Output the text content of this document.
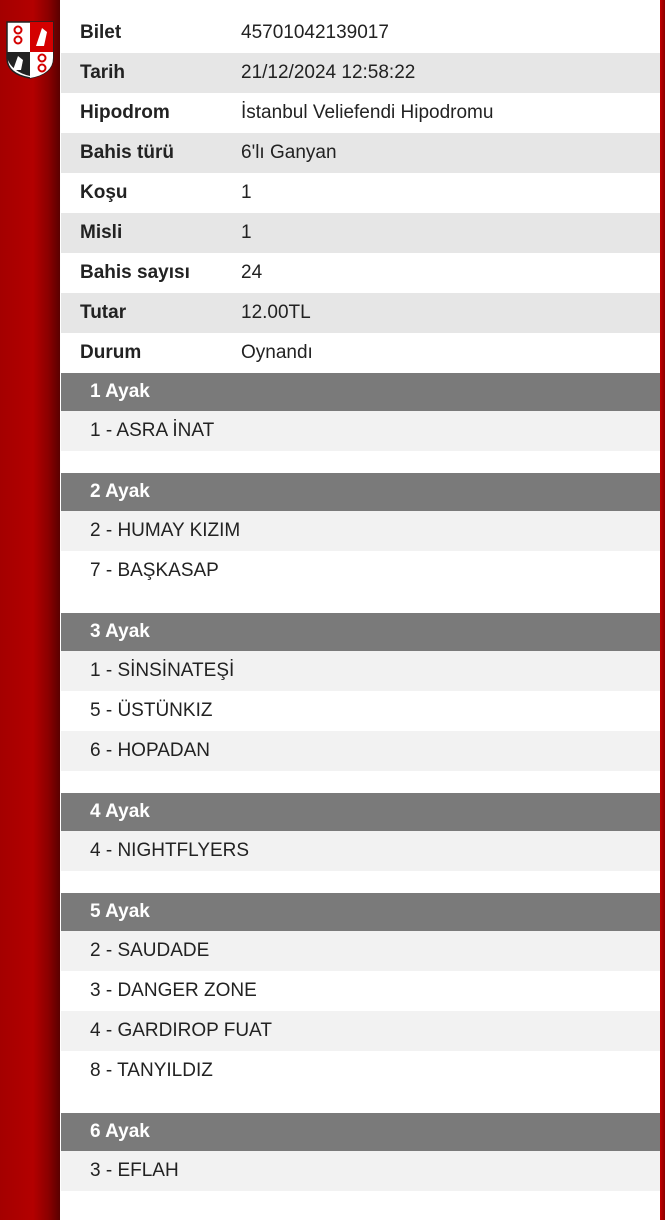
Bilet	45701042139017
Tarih	21/12/2024 12:58:22
Hipodrom	İstanbul Veliefendi Hipodromu
Bahis türü	6'lı Ganyan
Koşu	1
Misli	1
Bahis sayısı	24
Tutar	12.00TL
Durum	Oynandı
1 Ayak
1 - ASRA İNAT
2 Ayak
2 - HUMAY KIZIM
7 - BAŞKASAP
3 Ayak
1 - SİNSİNATEŞİ
5 - ÜSTÜNKIZ
6 - HOPADAN
4 Ayak
4 - NIGHTFLYERS
5 Ayak
2 - SAUDADE
3 - DANGER ZONE
4 - GARDIROP FUAT
8 - TANYILDIZ
6 Ayak
3 - EFLAH
